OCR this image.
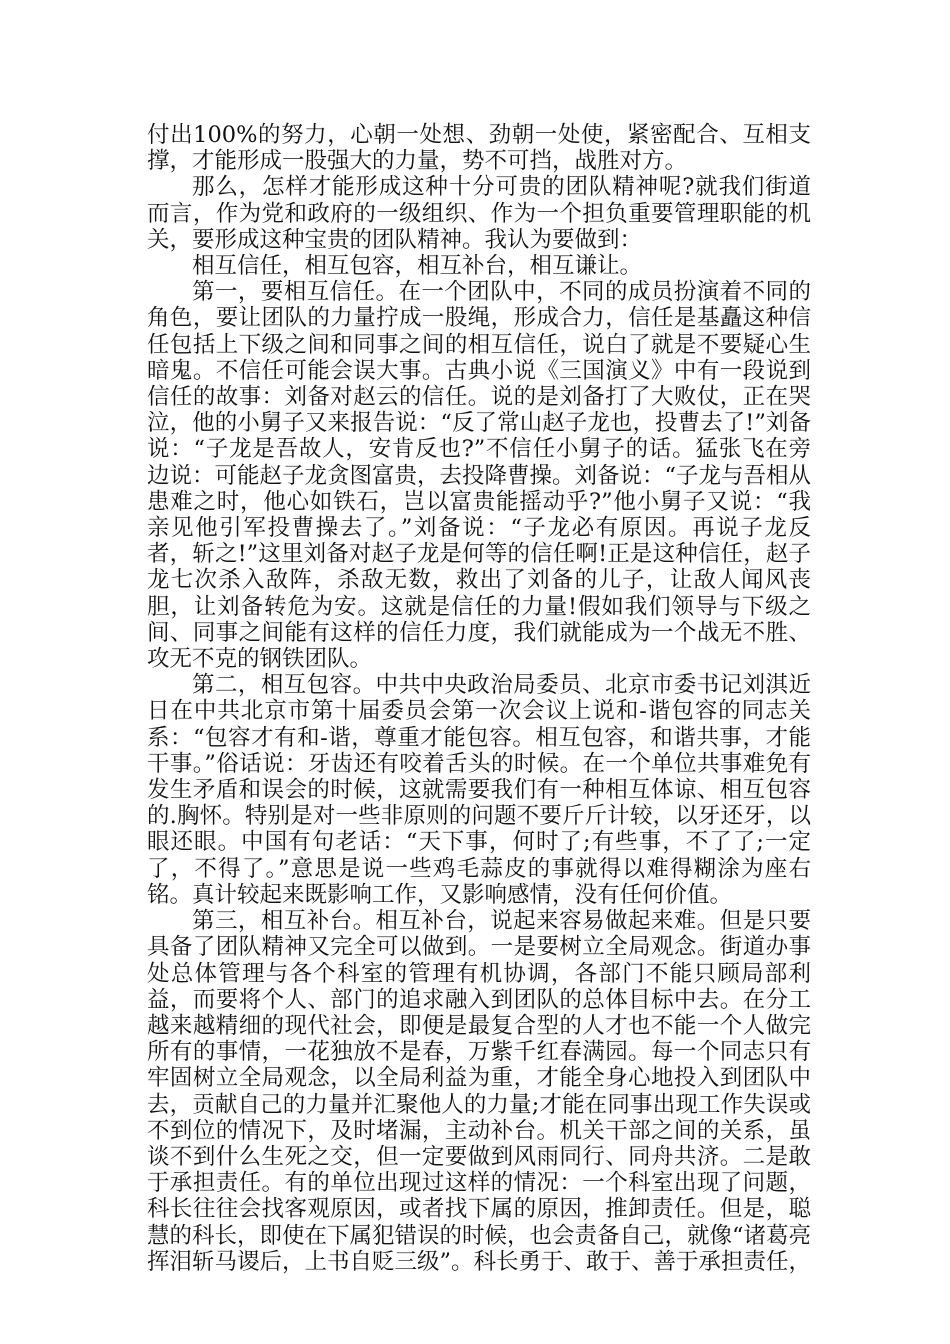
付出100%的努力，心朝一处想、劲朝一处使，紧密配合、互相支撑，才能形成一股强大的力量，势不可挡，战胜对方。

那么，怎样才能形成这种十分可贵的团队精神呢?就我们街道而言，作为党和政府的一级组织、作为一个担负重要管理职能的机关，要形成这种宝贵的团队精神。我认为要做到：

相互信任，相互包容，相互补台，相互谦让。

第一，要相互信任。在一个团队中，不同的成员扮演着不同的角色，要让团队的力量拧成一股绳，形成合力，信任是基矗这种信任包括上下级之间和同事之间的相互信任，说白了就是不要疑心生暗鬼。不信任可能会误大事。古典小说《三国演义》中有一段说到信任的故事：刘备对赵云的信任。说的是刘备打了大败仗，正在哭泣，他的小舅子又来报告说：“反了常山赵子龙也，投曹去了!”刘备说：“子龙是吾故人，安肯反也?”不信任小舅子的话。猛张飞在旁边说：可能赵子龙贪图富贵，去投降曹操。刘备说：“子龙与吾相从患难之时，他心如铁石，岂以富贵能摇动乎?”他小舅子又说：“我亲见他引军投曹操去了。”刘备说：“子龙必有原因。再说子龙反者，斩之!”这里刘备对赵子龙是何等的信任啊!正是这种信任，赵子龙七次杀入敌阵，杀敌无数，救出了刘备的儿子，让敌人闻风丧胆，让刘备转危为安。这就是信任的力量!假如我们领导与下级之间、同事之间能有这样的信任力度，我们就能成为一个战无不胜、攻无不克的钢铁团队。

第二，相互包容。中共中央政治局委员、北京市委书记刘淇近日在中共北京市第十届委员会第一次会议上说和-谐包容的同志关系：“包容才有和-谐，尊重才能包容。相互包容，和谐共事，才能干事。”俗话说：牙齿还有咬着舌头的时候。在一个单位共事难免有发生矛盾和误会的时候，这就需要我们有一种相互体谅、相互包容的.胸怀。特别是对一些非原则的问题不要斤斤计较，以牙还牙，以眼还眼。中国有句老话：“天下事，何时了;有些事，不了了;一定了，不得了。”意思是说一些鸡毛蒜皮的事就得以难得糊涂为座右铭。真计较起来既影响工作，又影响感情，没有任何价值。

第三，相互补台。相互补台，说起来容易做起来难。但是只要具备了团队精神又完全可以做到。一是要树立全局观念。街道办事处总体管理与各个科室的管理有机协调，各部门不能只顾局部利益，而要将个人、部门的追求融入到团队的总体目标中去。在分工越来越精细的现代社会，即便是最复合型的人才也不能一个人做完所有的事情，一花独放不是春，万紫千红春满园。每一个同志只有牢固树立全局观念，以全局利益为重，才能全身心地投入到团队中去，贡献自己的力量并汇聚他人的力量;才能在同事出现工作失误或不到位的情况下，及时堵漏，主动补台。机关干部之间的关系，虽谈不到什么生死之交，但一定要做到风雨同行、同舟共济。二是敢于承担责任。有的单位出现过这样的情况：一个科室出现了问题，科长往往会找客观原因，或者找下属的原因，推卸责任。但是，聪慧的科长，即使在下属犯错误的时候，也会责备自己，就像“诸葛亮挥泪斩马谡后，上书自贬三级”。科长勇于、敢于、善于承担责任，
